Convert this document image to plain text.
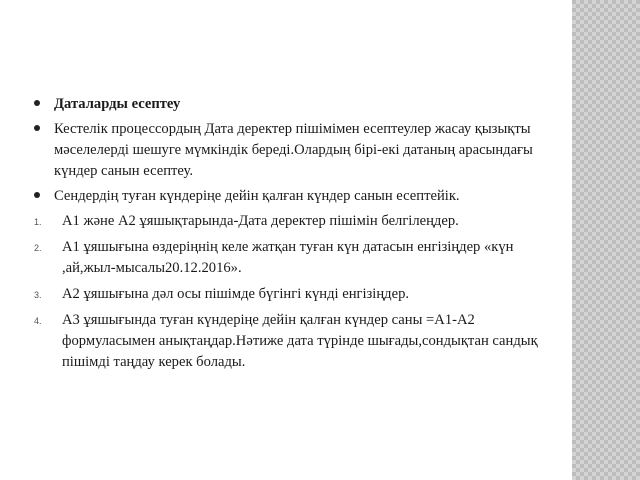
Даталарды есептеу
Кестелік процессордың Дата деректер пішімімен есептеулер жасау қызықты мәселелерді шешуге мүмкіндік береді.Олардың бірі-екі датаның арасындағы күндер санын есептеу.
Сендердің туған күндеріңе дейін қалған күндер санын есептейік.
1. А1 және А2 ұяшықтарында-Дата деректер пішімін белгілеңдер.
2. А1 ұяшығына өздеріңнің келе жатқан туған күн датасын енгізіңдер «күн ,ай,жыл-мысалы20.12.2016».
3. А2 ұяшығына дәл осы пішімде бүгінгі күнді енгізіңдер.
4. А3 ұяшығында туған күндеріңе дейін қалған күндер саны =А1-А2 формуласымен анықтаңдар.Нәтиже дата түрінде шығады,сондықтан сандық пішімді таңдау керек болады.
